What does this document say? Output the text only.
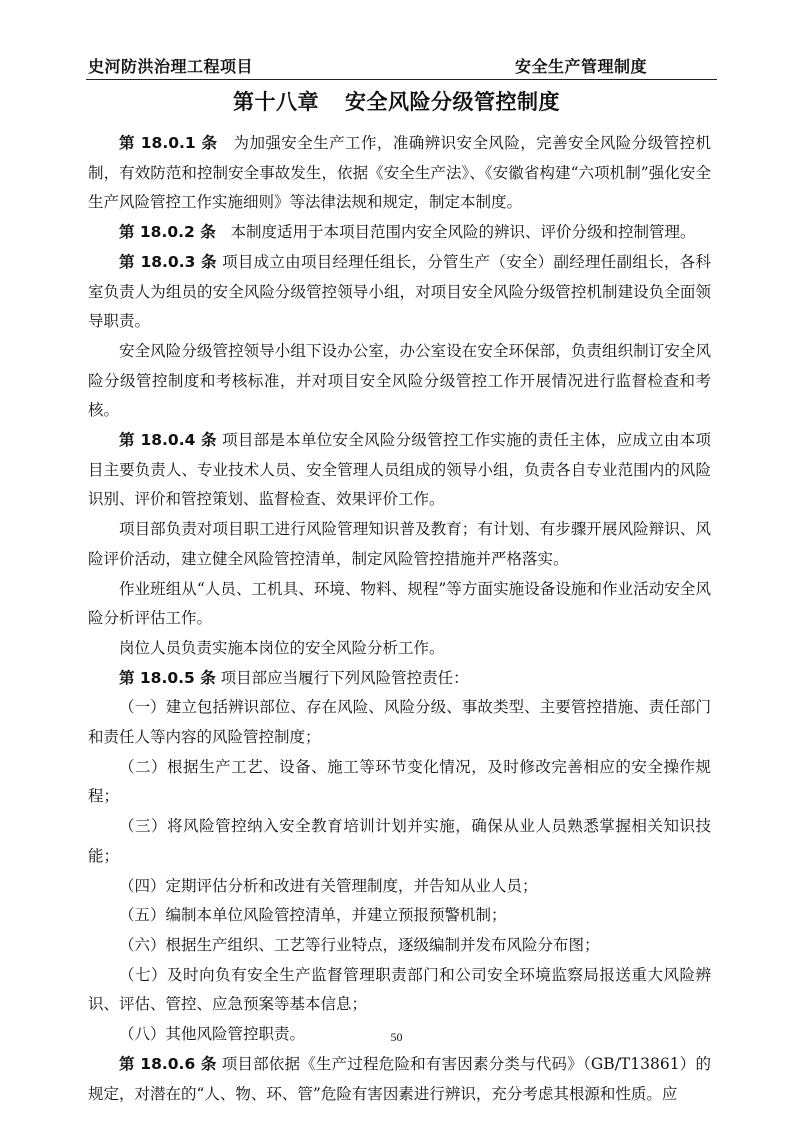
史河防洪治理工程项目	安全生产管理制度
第十八章 安全风险分级管控制度

第 18.0.1 条 为加强安全生产工作，准确辨识安全风险，完善安全风险分级管控机制，有效防范和控制安全事故发生，依据《安全生产法》、《安徽省构建“六项机制”强化安全生产风险管控工作实施细则》等法律法规和规定，制定本制度。

第 18.0.2 条 本制度适用于本项目范围内安全风险的辨识、评价分级和控制管理。

第 18.0.3 条 项目成立由项目经理任组长，分管生产（安全）副经理任副组长，各科室负责人为组员的安全风险分级管控领导小组，对项目安全风险分级管控机制建设负全面领导职责。

安全风险分级管控领导小组下设办公室，办公室设在安全环保部，负责组织制订安全风险分级管控制度和考核标准，并对项目安全风险分级管控工作开展情况进行监督检查和考核。

第 18.0.4 条 项目部是本单位安全风险分级管控工作实施的责任主体，应成立由本项目主要负责人、专业技术人员、安全管理人员组成的领导小组，负责各自专业范围内的风险识别、评价和管控策划、监督检查、效果评价工作。

项目部负责对项目职工进行风险管理知识普及教育；有计划、有步骤开展风险辩识、风险评价活动，建立健全风险管控清单，制定风险管控措施并严格落实。

作业班组从“人员、工机具、环境、物料、规程”等方面实施设备设施和作业活动安全风险分析评估工作。

岗位人员负责实施本岗位的安全风险分析工作。

第 18.0.5 条 项目部应当履行下列风险管控责任：

（一）建立包括辨识部位、存在风险、风险分级、事故类型、主要管控措施、责任部门和责任人等内容的风险管控制度；

（二）根据生产工艺、设备、施工等环节变化情况，及时修改完善相应的安全操作规程；

（三）将风险管控纳入安全教育培训计划并实施，确保从业人员熟悉掌握相关知识技能；

（四）定期评估分析和改进有关管理制度，并告知从业人员；

（五）编制本单位风险管控清单，并建立预报预警机制；

（六）根据生产组织、工艺等行业特点，逐级编制并发布风险分布图；

（七）及时向负有安全生产监督管理职责部门和公司安全环境监察局报送重大风险辨识、评估、管控、应急预案等基本信息；

（八）其他风险管控职责。

第 18.0.6 条 项目部依据《生产过程危险和有害因素分类与代码》（GB/T13861）的规定，对潜在的“人、物、环、管”危险有害因素进行辨识，充分考虑其根源和性质。应

50
